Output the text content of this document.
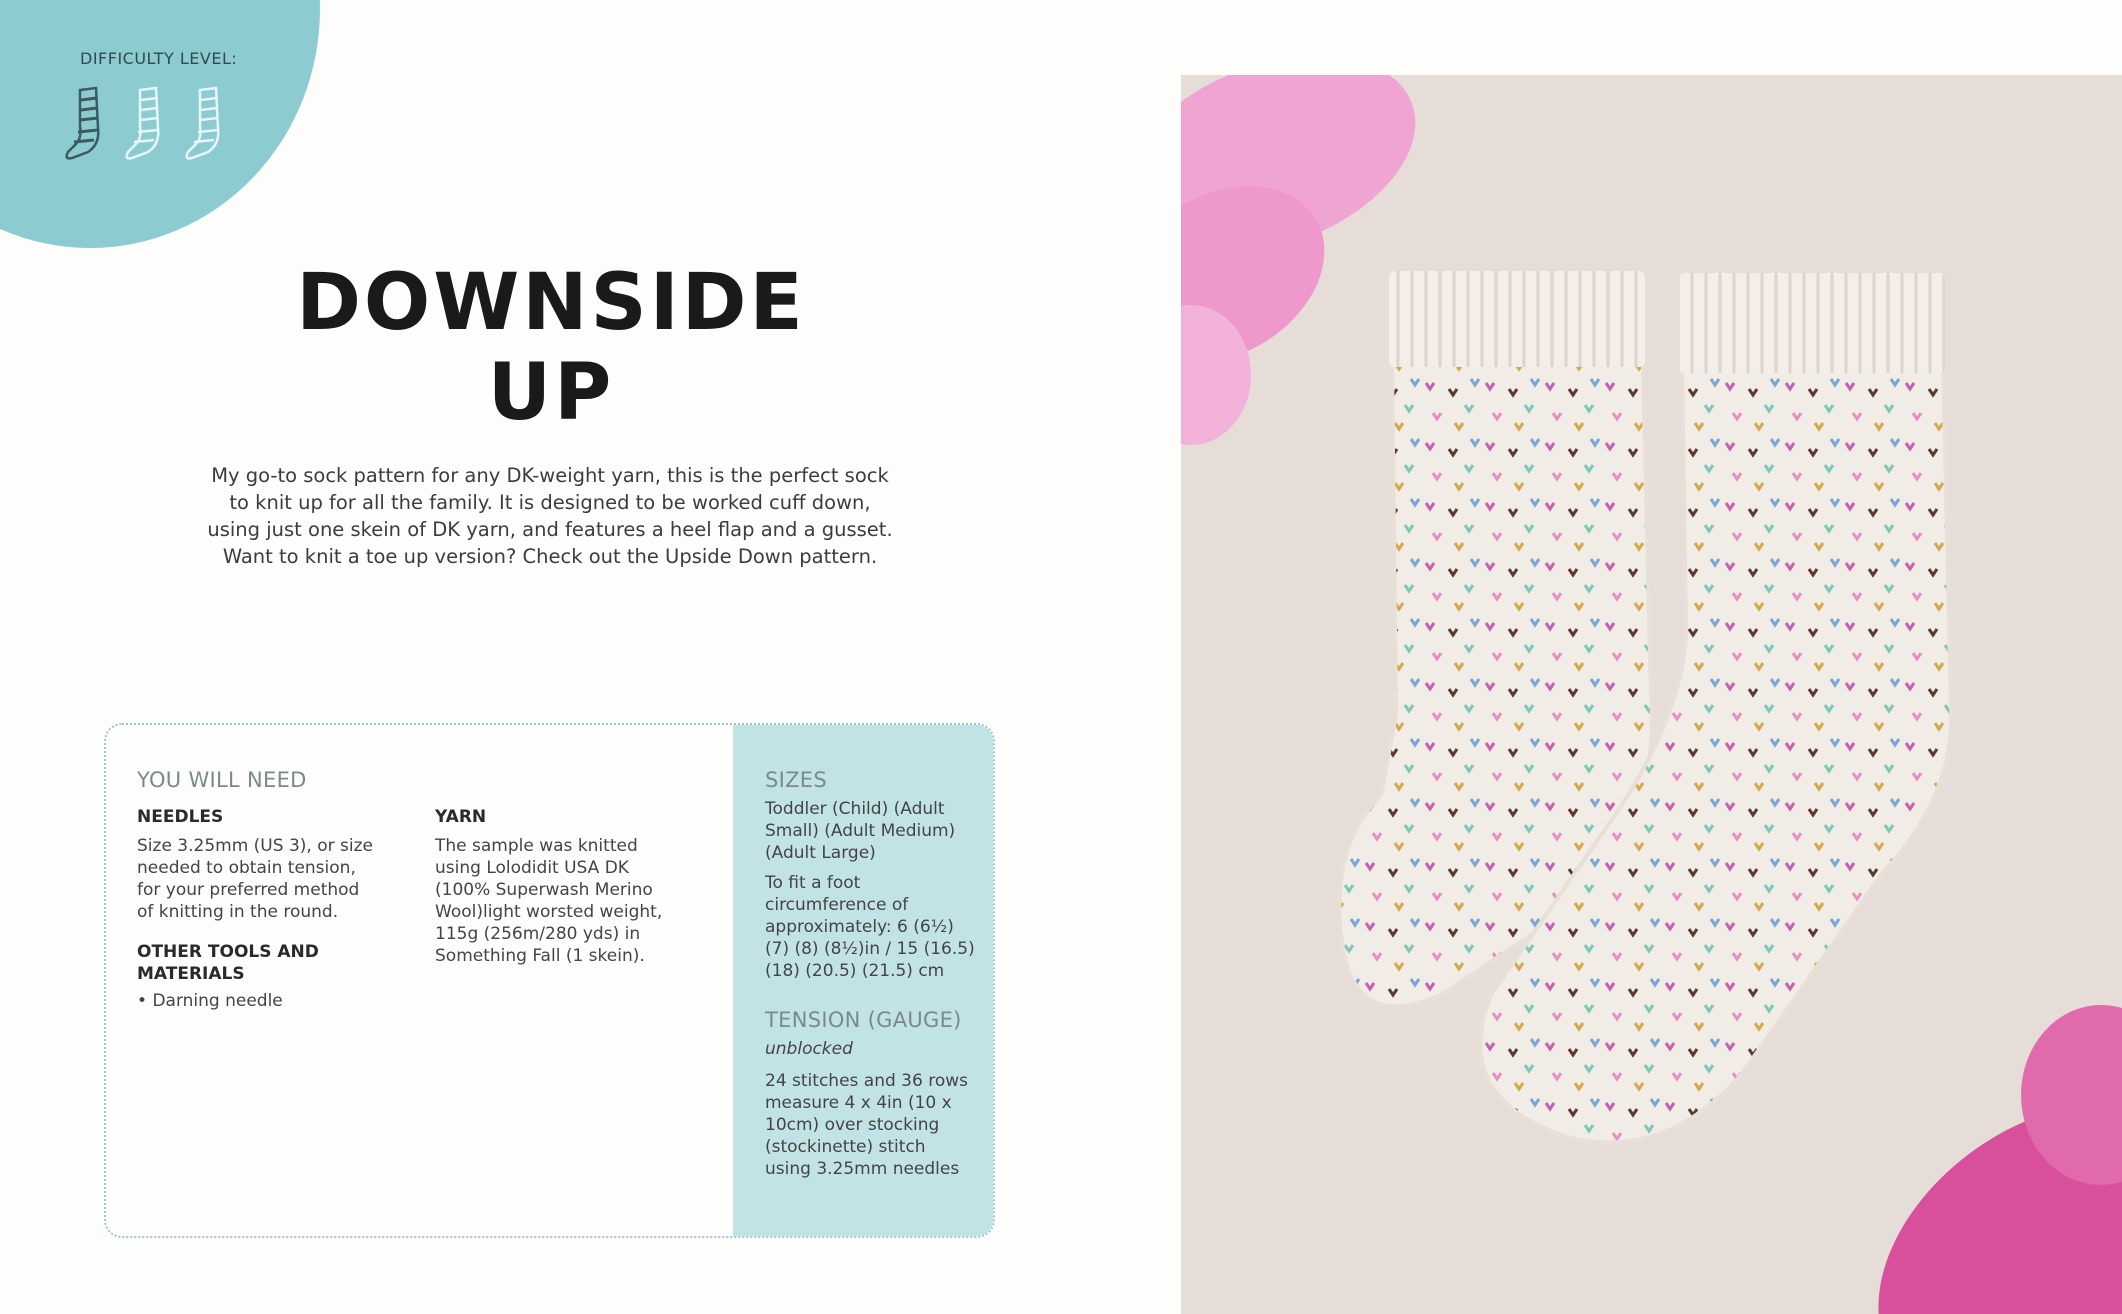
DIFFICULTY LEVEL:
DOWNSIDE
UP
My go-to sock pattern for any DK-weight yarn, this is the perfect sock
to knit up for all the family. It is designed to be worked cuff down,
using just one skein of DK yarn, and features a heel flap and a gusset.
Want to knit a toe up version? Check out the Upside Down pattern.
YOU WILL NEED
NEEDLES
Size 3.25mm (US 3), or size
needed to obtain tension,
for your preferred method
of knitting in the round.
OTHER TOOLS AND
MATERIALS
• Darning needle
YARN
The sample was knitted
using Lolodidit USA DK
(100% Superwash Merino
Wool)light worsted weight,
115g (256m/280 yds) in
Something Fall (1 skein).
SIZES
Toddler (Child) (Adult
Small) (Adult Medium)
(Adult Large)
To fit a foot
circumference of
approximately: 6 (6½)
(7) (8) (8½)in / 15 (16.5)
(18) (20.5) (21.5) cm
TENSION (GAUGE)
unblocked
24 stitches and 36 rows
measure 4 x 4in (10 x
10cm) over stocking
(stockinette) stitch
using 3.25mm needles
